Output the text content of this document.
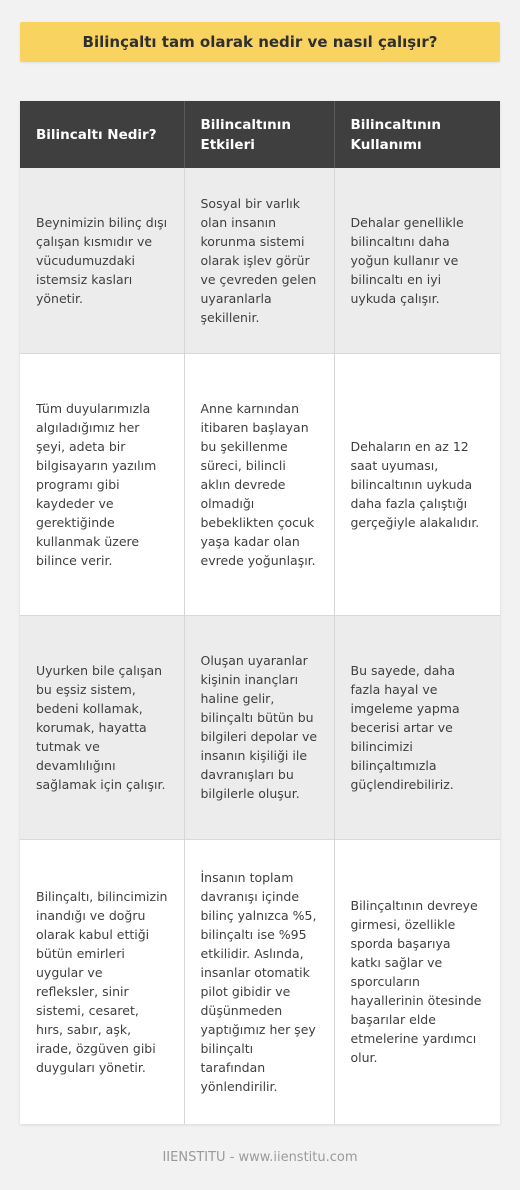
Bilinçaltı tam olarak nedir ve nasıl çalışır?
Bilincaltı Nedir?	Bilincaltının Etkileri	Bilincaltının Kullanımı
Beynimizin bilinç dışı çalışan kısmıdır ve vücudumuzdaki istemsiz kasları yönetir.	Sosyal bir varlık olan insanın korunma sistemi olarak işlev görür ve çevreden gelen uyaranlarla şekillenir.	Dehalar genellikle bilincaltını daha yoğun kullanır ve bilincaltı en iyi uykuda çalışır.
Tüm duyularımızla algıladığımız her şeyi, adeta bir bilgisayarın yazılım programı gibi kaydeder ve gerektiğinde kullanmak üzere bilince verir.	Anne karnından itibaren başlayan bu şekillenme süreci, bilincli aklın devrede olmadığı bebeklikten çocuk yaşa kadar olan evrede yoğunlaşır.	Dehaların en az 12 saat uyuması, bilincaltının uykuda daha fazla çalıştığı gerçeğiyle alakalıdır.
Uyurken bile çalışan bu eşsiz sistem, bedeni kollamak, korumak, hayatta tutmak ve devamlılığını sağlamak için çalışır.	Oluşan uyaranlar kişinin inançları haline gelir, bilinçaltı bütün bu bilgileri depolar ve insanın kişiliği ile davranışları bu bilgilerle oluşur.	Bu sayede, daha fazla hayal ve imgeleme yapma becerisi artar ve bilincimizi bilinçaltımızla güçlendirebiliriz.
Bilinçaltı, bilincimizin inandığı ve doğru olarak kabul ettiği bütün emirleri uygular ve refleksler, sinir sistemi, cesaret, hırs, sabır, aşk, irade, özgüven gibi duyguları yönetir.	İnsanın toplam davranışı içinde bilinç yalnızca %5, bilinçaltı ise %95 etkilidir. Aslında, insanlar otomatik pilot gibidir ve düşünmeden yaptığımız her şey bilinçaltı tarafından yönlendirilir.	Bilinçaltının devreye girmesi, özellikle sporda başarıya katkı sağlar ve sporcuların hayallerinin ötesinde başarılar elde etmelerine yardımcı olur.
IIENSTITU - www.iienstitu.com
